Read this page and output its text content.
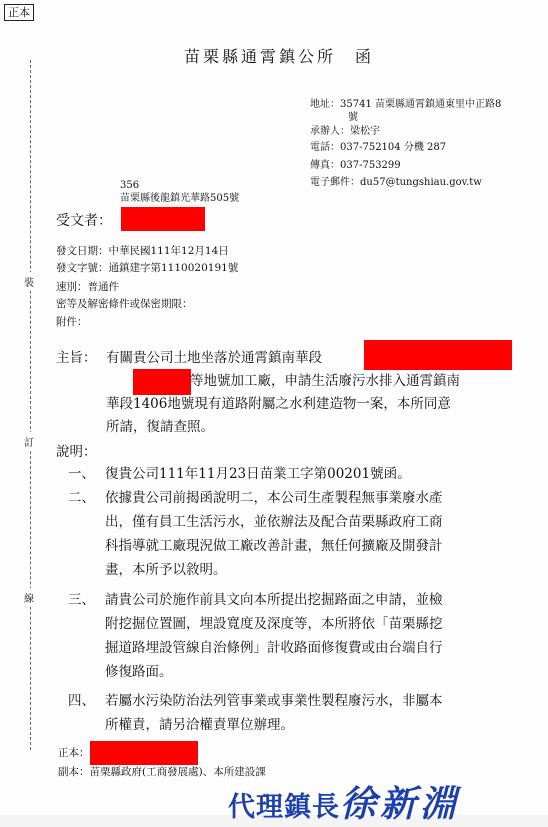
正本
裝
訂
線
苗栗縣通霄鎮公所　函
地址：35741 苗栗縣通霄鎮通東里中正路8
號
承辦人：梁松宇
電話：037-752104 分機 287
傳真：037-753299
電子郵件：du57@tungshiau.gov.tw
356
苗栗縣後龍鎮光華路505號
受文者：
發文日期：中華民國111年12月14日
發文字號：通鎮建字第1110020191號
速別：普通件
密等及解密條件或保密期限：
附件：
主旨： 有關貴公司土地坐落於通霄鎮南華段
等地號加工廠，申請生活廢污水排入通霄鎮南
華段1406地號現有道路附屬之水利建造物一案，本所同意
所請，復請查照。
說明：
一、 復貴公司111年11月23日苗業工字第00201號函。
二、 依據貴公司前揭函說明二，本公司生產製程無事業廢水產
出，僅有員工生活污水，並依辦法及配合苗栗縣政府工商
科指導就工廠現況做工廠改善計畫，無任何擴廠及開發計
畫，本所予以敘明。
三、 請貴公司於施作前具文向本所提出挖掘路面之申請，並檢
附挖掘位置圖，埋設寬度及深度等，本所將依「苗栗縣挖
掘道路埋設管線自治條例」計收路面修復費或由台端自行
修復路面。
四、 若屬水污染防治法列管事業或事業性製程廢污水，非屬本
所權責，請另洽權責單位辦理。
正本：
副本：苗栗縣政府(工商發展處)、本所建設課
代理鎮長徐新淵
